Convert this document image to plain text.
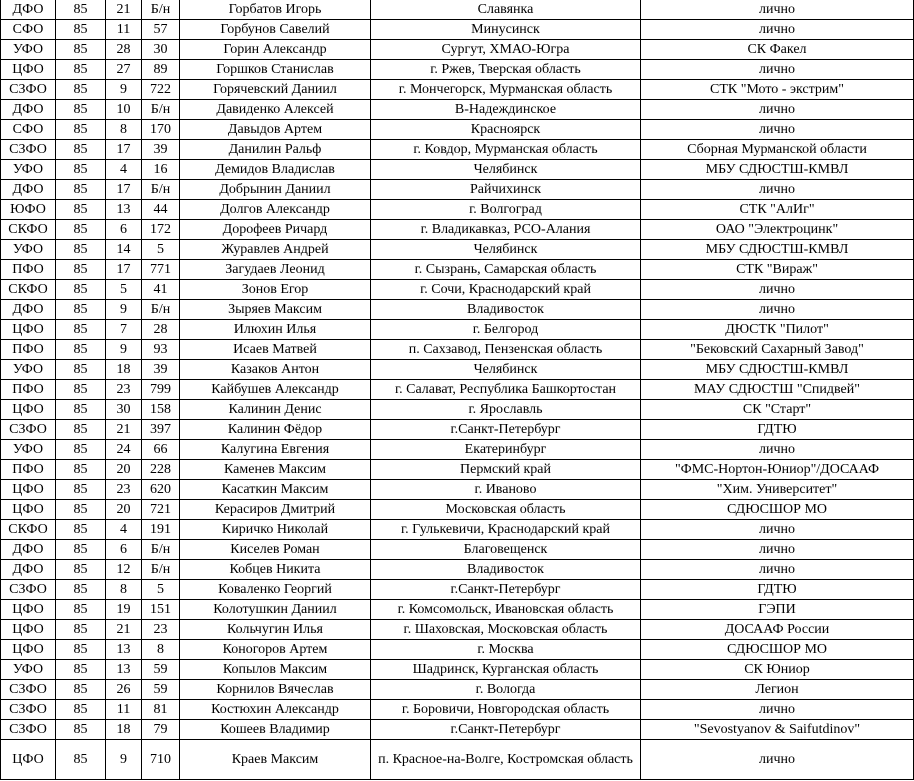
ДФО	85	21	Б/н	Горбатов Игорь	Славянка	лично
СФО	85	11	57	Горбунов Савелий	Минусинск	лично
УФО	85	28	30	Горин Александр	Сургут, ХМАО-Югра	СК Факел
ЦФО	85	27	89	Горшков Станислав	г. Ржев, Тверская область	лично
СЗФО	85	9	722	Горячевский Даниил	г. Мончегорск, Мурманская область	СТК "Мото - экстрим"
ДФО	85	10	Б/н	Давиденко Алексей	В-Надеждинское	лично
СФО	85	8	170	Давыдов Артем	Красноярск	лично
СЗФО	85	17	39	Данилин Ральф	г. Ковдор, Мурманская область	Сборная Мурманской области
УФО	85	4	16	Демидов Владислав	Челябинск	МБУ СДЮСТШ-КМВЛ
ДФО	85	17	Б/н	Добрынин Даниил	Райчихинск	лично
ЮФО	85	13	44	Долгов Александр	г. Волгоград	СТК "АлИг"
СКФО	85	6	172	Дорофеев Ричард	г. Владикавказ, РСО-Алания	ОАО "Электроцинк"
УФО	85	14	5	Журавлев Андрей	Челябинск	МБУ СДЮСТШ-КМВЛ
ПФО	85	17	771	Загудаев Леонид	г. Сызрань, Самарская область	СТК "Вираж"
СКФО	85	5	41	Зонов Егор	г. Сочи, Краснодарский край	лично
ДФО	85	9	Б/н	Зыряев Максим	Владивосток	лично
ЦФО	85	7	28	Илюхин Илья	г. Белгород	ДЮСТК "Пилот"
ПФО	85	9	93	Исаев Матвей	п. Сахзавод, Пензенская область	"Бековский Сахарный Завод"
УФО	85	18	39	Казаков Антон	Челябинск	МБУ СДЮСТШ-КМВЛ
ПФО	85	23	799	Кайбушев Александр	г. Салават, Республика Башкортостан	МАУ СДЮСТШ "Спидвей"
ЦФО	85	30	158	Калинин Денис	г. Ярославль	СК "Старт"
СЗФО	85	21	397	Калинин Фёдор	г.Санкт-Петербург	ГДТЮ
УФО	85	24	66	Калугина Евгения	Екатеринбург	лично
ПФО	85	20	228	Каменев Максим	Пермский край	"ФМС-Нортон-Юниор"/ДОСААФ
ЦФО	85	23	620	Касаткин Максим	г. Иваново	"Хим. Университет"
ЦФО	85	20	721	Керасиров Дмитрий	Московская область	СДЮСШОР МО
СКФО	85	4	191	Киричко Николай	г. Гулькевичи, Краснодарский край	лично
ДФО	85	6	Б/н	Киселев Роман	Благовещенск	лично
ДФО	85	12	Б/н	Кобцев Никита	Владивосток	лично
СЗФО	85	8	5	Коваленко Георгий	г.Санкт-Петербург	ГДТЮ
ЦФО	85	19	151	Колотушкин Даниил	г. Комсомольск, Ивановская область	ГЭПИ
ЦФО	85	21	23	Кольчугин Илья	г. Шаховская, Московская область	ДОСААФ России
ЦФО	85	13	8	Коногоров Артем	г. Москва	СДЮСШОР МО
УФО	85	13	59	Копылов Максим	Шадринск, Курганская область	СК Юниор
СЗФО	85	26	59	Корнилов Вячеслав	г. Вологда	Легион
СЗФО	85	11	81	Костюхин Александр	г. Боровичи, Новгородская область	лично
СЗФО	85	18	79	Кошеев Владимир	г.Санкт-Петербург	"Sevostyanov & Saifutdinov"
ЦФО	85	9	710	Краев Максим	п. Красное-на-Волге, Костромская область	лично
